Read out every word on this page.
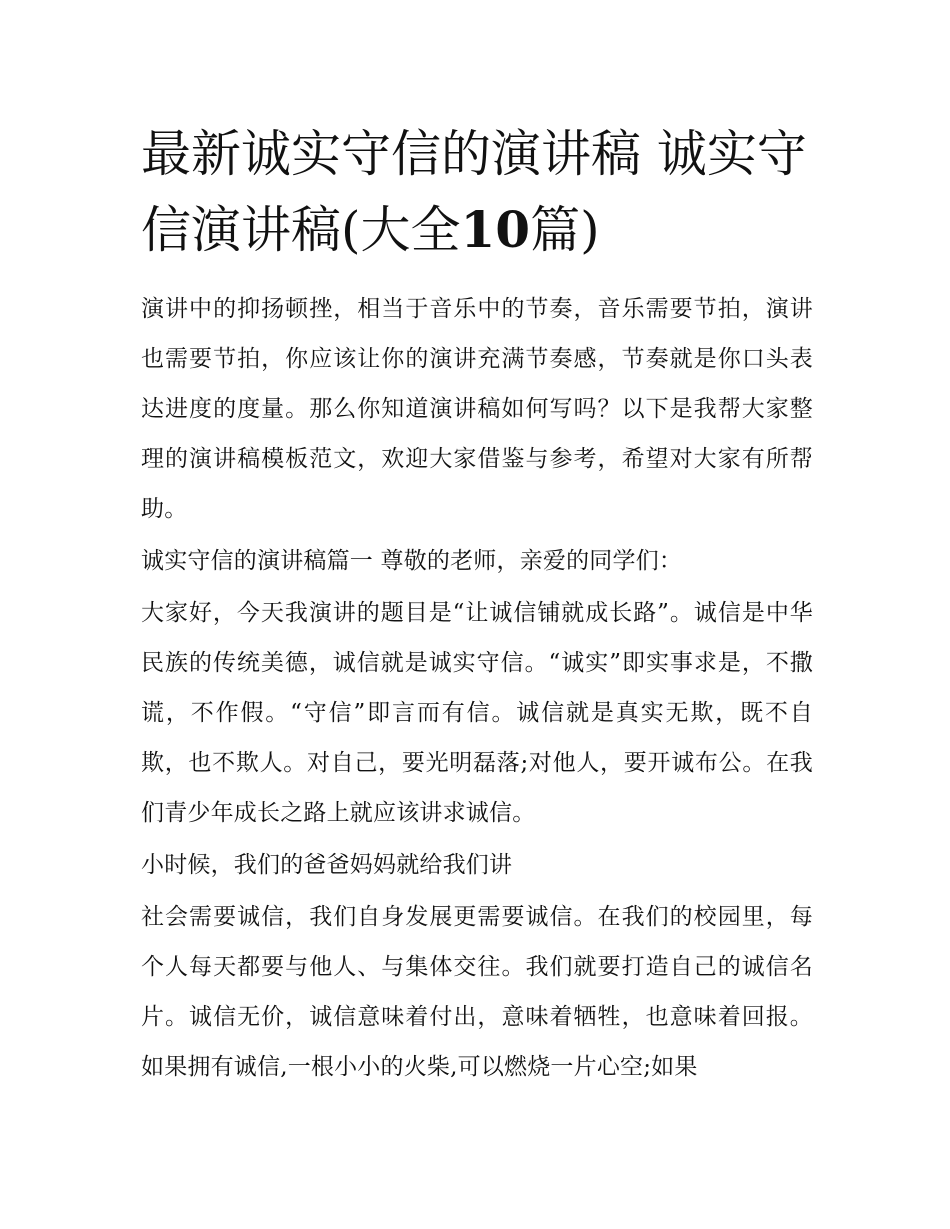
最新诚实守信的演讲稿 诚实守信演讲稿(大全10篇)

演讲中的抑扬顿挫，相当于音乐中的节奏，音乐需要节拍，演讲也需要节拍，你应该让你的演讲充满节奏感，节奏就是你口头表达进度的度量。那么你知道演讲稿如何写吗？以下是我帮大家整理的演讲稿模板范文，欢迎大家借鉴与参考，希望对大家有所帮助。

诚实守信的演讲稿篇一 尊敬的老师，亲爱的同学们：

大家好，今天我演讲的题目是“让诚信铺就成长路”。诚信是中华民族的传统美德，诚信就是诚实守信。“诚实”即实事求是，不撒谎，不作假。“守信”即言而有信。诚信就是真实无欺，既不自欺，也不欺人。对自己，要光明磊落;对他人，要开诚布公。在我们青少年成长之路上就应该讲求诚信。

小时候，我们的爸爸妈妈就给我们讲

社会需要诚信，我们自身发展更需要诚信。在我们的校园里，每个人每天都要与他人、与集体交往。我们就要打造自己的诚信名片。诚信无价，诚信意味着付出，意味着牺牲，也意味着回报。如果拥有诚信,一根小小的火柴,可以燃烧一片心空;如果
